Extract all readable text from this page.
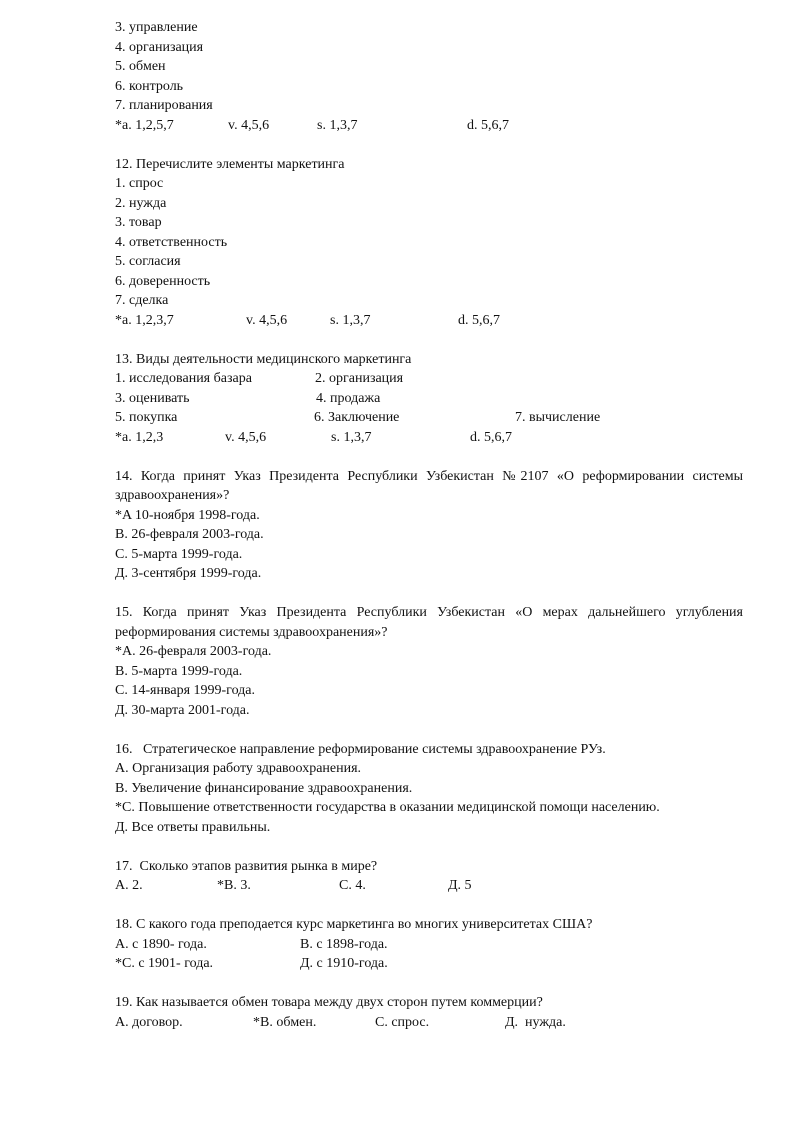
3. управление
4. организация
5. обмен
6. контроль
7. планирования
*a. 1,2,5,7	v. 4,5,6	s. 1,3,7	d. 5,6,7
12. Перечислите элементы маркетинга
1. спрос
2. нужда
3. товар
4. ответственность
5. согласия
6. доверенность
7. сделка
*a. 1,2,3,7	v. 4,5,6	s. 1,3,7	d. 5,6,7
13. Виды деятельности медицинского маркетинга
1. исследования базара	2. организация
3. оценивать	4. продажа
5. покупка	6. Заключение	7. вычисление
*a. 1,2,3	v. 4,5,6	s. 1,3,7	d. 5,6,7
14. Когда принят Указ Президента Республики Узбекистан №2107 «О реформировании системы здравоохранения»?
*A 10-ноября 1998-года.
B. 26-февраля 2003-года.
C. 5-марта 1999-года.
Д. 3-сентября 1999-года.
15. Когда принят Указ Президента Республики Узбекистан «О мерах дальнейшего углубления реформирования системы здравоохранения»?
*A. 26-февраля 2003-года.
B. 5-марта 1999-года.
C. 14-января 1999-года.
Д. 30-марта 2001-года.
16.   Стратегическое направление реформирование системы здравоохранение РУз.
A. Организация работу здравоохранения.
B. Увеличение финансирование здравоохранения.
*C. Повышение ответственности государства в оказании медицинской помощи населению.
Д. Все ответы правильны.
17.  Сколько этапов развития рынка в мире?
A. 2.	*B. 3.	C. 4.	Д. 5
18. С какого года преподается курс маркетинга во многих университетах США?
A. с 1890- года.	B. с 1898-года.
*C. с 1901- года.	Д. с 1910-года.
19. Как называется обмен товара между двух сторон путем коммерции?
A. договор.	*B. обмен.	C. спрос.	Д.  нужда.
